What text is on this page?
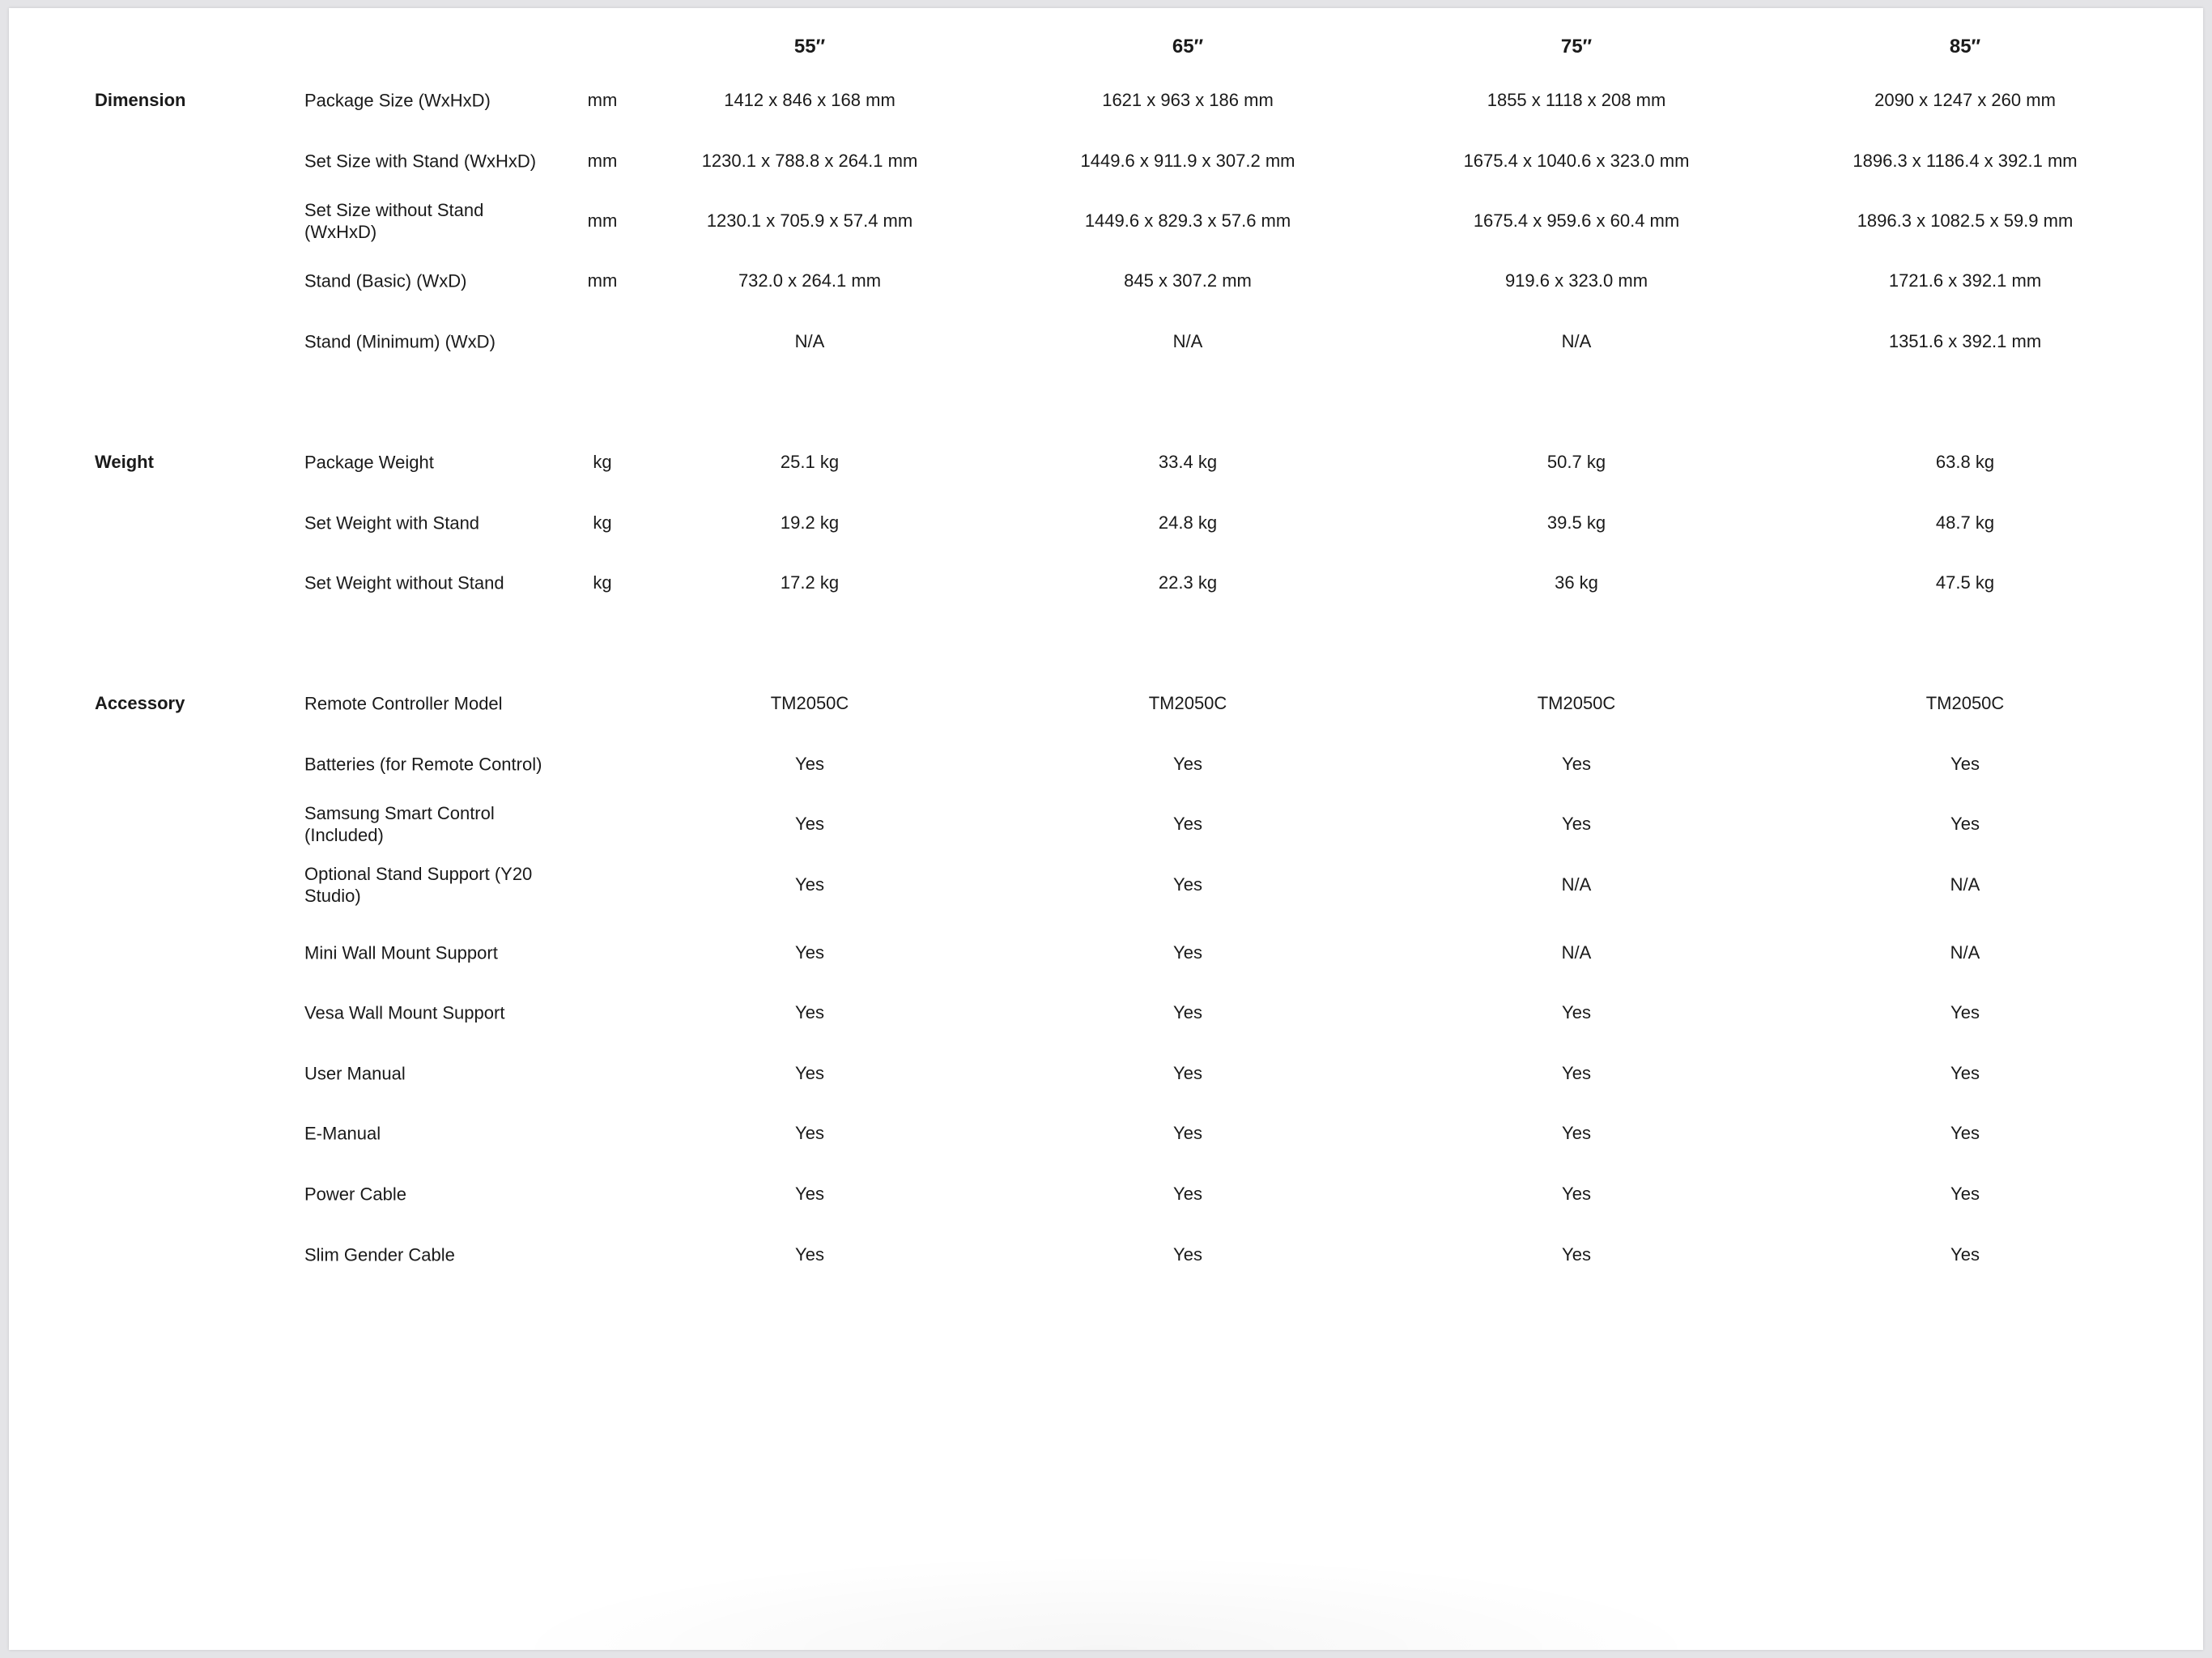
55″	65″	75″	85″
Dimension	Package Size (WxHxD)	mm	1412 x 846 x 168 mm	1621 x 963 x 186 mm	1855 x 1118 x 208 mm	2090 x 1247 x 260 mm
Set Size with Stand (WxHxD)	mm	1230.1 x 788.8 x 264.1 mm	1449.6 x 911.9 x 307.2 mm	1675.4 x 1040.6 x 323.0 mm	1896.3 x 1186.4 x 392.1 mm
Set Size without Stand
(WxHxD)
mm	1230.1 x 705.9 x 57.4 mm	1449.6 x 829.3 x 57.6 mm	1675.4 x 959.6 x 60.4 mm	1896.3 x 1082.5 x 59.9 mm
Stand (Basic) (WxD)	mm	732.0 x 264.1 mm	845 x 307.2 mm	919.6 x 323.0 mm	1721.6 x 392.1 mm
Stand (Minimum) (WxD)	N/A	N/A	N/A	1351.6 x 392.1 mm
Weight	Package Weight	kg	25.1 kg	33.4 kg	50.7 kg	63.8 kg
Set Weight with Stand	kg	19.2 kg	24.8 kg	39.5 kg	48.7 kg
Set Weight without Stand	kg	17.2 kg	22.3 kg	36 kg	47.5 kg
Accessory	Remote Controller Model	TM2050C	TM2050C	TM2050C	TM2050C
Batteries (for Remote Control)	Yes	Yes	Yes	Yes
Samsung Smart Control
(Included)
Yes	Yes	Yes	Yes
Optional Stand Support (Y20
Studio)
Yes	Yes	N/A	N/A
Mini Wall Mount Support	Yes	Yes	N/A	N/A
Vesa Wall Mount Support	Yes	Yes	Yes	Yes
User Manual	Yes	Yes	Yes	Yes
E-Manual	Yes	Yes	Yes	Yes
Power Cable	Yes	Yes	Yes	Yes
Slim Gender Cable	Yes	Yes	Yes	Yes
